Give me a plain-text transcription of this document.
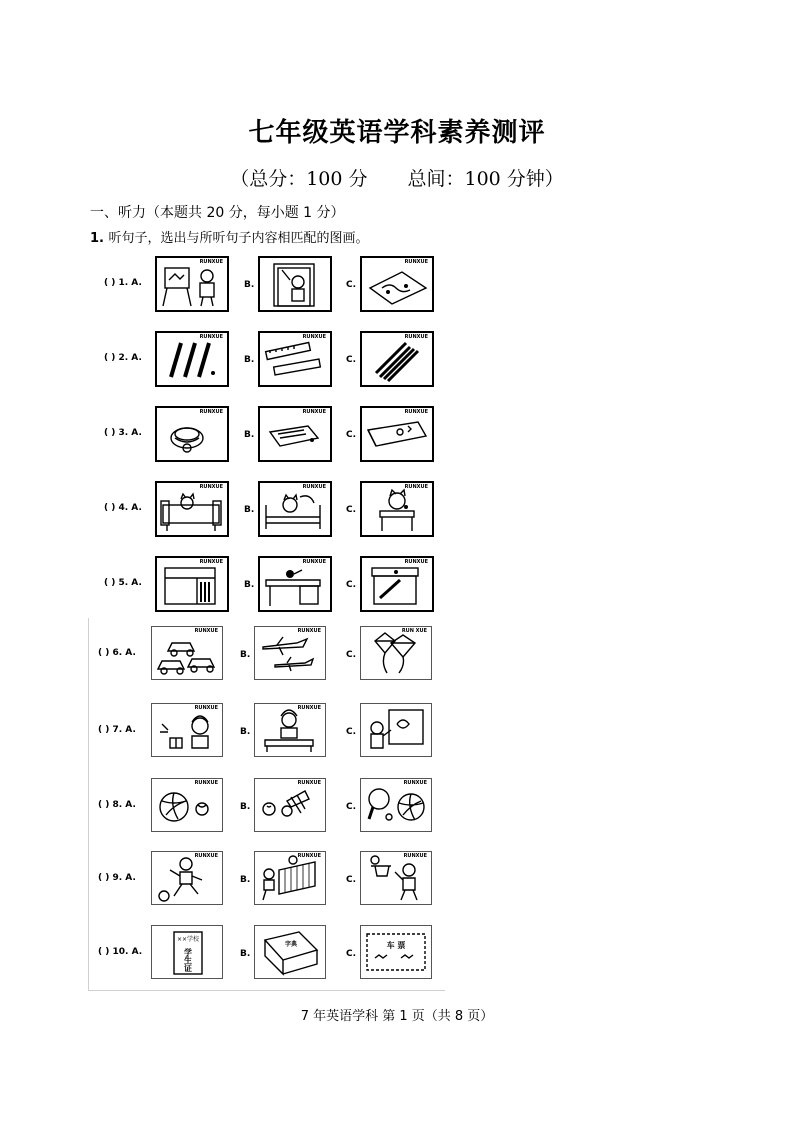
七年级英语学科素养测评
（总分：100 分 总间：100 分钟）
一、听力（本题共 20 分，每小题 1 分）
1. 听句子，选出与所听句子内容相匹配的图画。
( ) 1. A.	B.	C.
RUNXUE	RUNXUE
( ) 2. A.	B.	C.
RUNXUE	RUNXUE	RUNXUE
( ) 3. A.	B.	C.
RUNXUE	RUNXUE	RUNXUE
( ) 4. A.	B.	C.
RUNXUE	RUNXUE	RUNXUE
( ) 5. A.	B.	C.
RUNXUE	RUNXUE	RUNXUE
( ) 6. A.	B.	C.
RUNXUE	RUNXUE	RUN XUE
( ) 7. A.	B.	C.
RUNXUE	RUNXUE
( ) 8. A.	B.	C.
RUNXUE	RUNXUE	RUNXUE
( ) 9. A.	B.	C.
RUNXUE	RUNXUE	RUNXUE
( ) 10. A.	B.	C.
××学校
学生证
字典	车 票
7 年英语学科 第 1 页（共 8 页）
